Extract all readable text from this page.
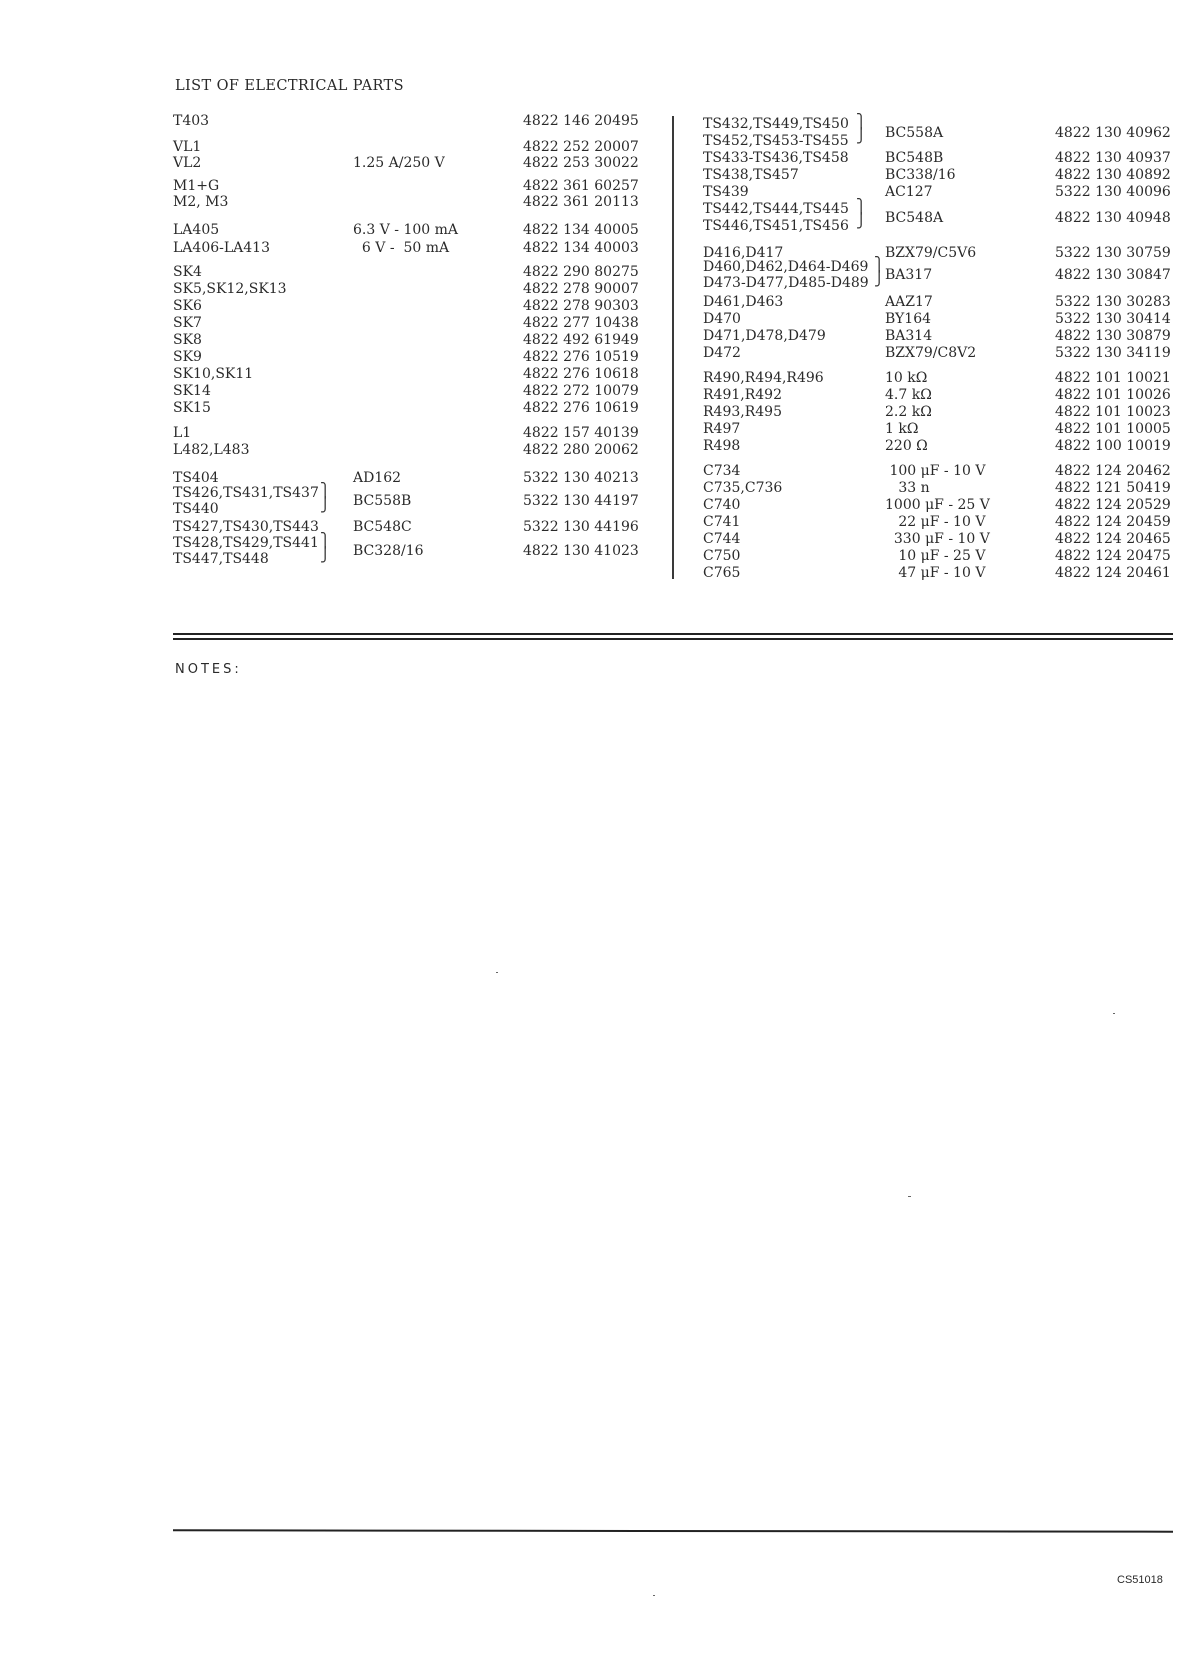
LIST OF ELECTRICAL PARTS
T403	4822 146 20495
VL1	4822 252 20007
VL2	1.25 A/250 V	4822 253 30022
M1+G	4822 361 60257
M2, M3	4822 361 20113
LA405	6.3 V - 100 mA	4822 134 40005
LA406-LA413	6 V -  50 mA	4822 134 40003
SK4	4822 290 80275
SK5,SK12,SK13	4822 278 90007
SK6	4822 278 90303
SK7	4822 277 10438
SK8	4822 492 61949
SK9	4822 276 10519
SK10,SK11	4822 276 10618
SK14	4822 272 10079
SK15	4822 276 10619
L1	4822 157 40139
L482,L483	4822 280 20062
TS404	AD162	5322 130 40213
TS426,TS431,TS437
TS440	BC558B	5322 130 44197
TS427,TS430,TS443 BC548C	5322 130 44196
TS428,TS429,TS441
TS447,TS448	BC328/16	4822 130 41023
TS432,TS449,TS450
TS452,TS453-TS455	BC558A	4822 130 40962
TS433-TS436,TS458	BC548B	4822 130 40937
TS438,TS457	BC338/16	4822 130 40892
TS439	AC127	5322 130 40096
TS442,TS444,TS445
TS446,TS451,TS456	BC548A	4822 130 40948
D416,D417	BZX79/C5V6	5322 130 30759
D460,D462,D464-D469
D473-D477,D485-D489 BA317	4822 130 30847
D461,D463	AAZ17	5322 130 30283
D470	BY164	5322 130 30414
D471,D478,D479	BA314	4822 130 30879
D472	BZX79/C8V2	5322 130 34119
R490,R494,R496	10 kΩ	4822 101 10021
R491,R492	4.7 kΩ	4822 101 10026
R493,R495	2.2 kΩ	4822 101 10023
R497	1 kΩ	4822 101 10005
R498	220 Ω	4822 100 10019
C734	100 μF - 10 V	4822 124 20462
C735,C736	33 n	4822 121 50419
C740	1000 μF - 25 V	4822 124 20529
C741	22 μF - 10 V	4822 124 20459
C744	330 μF - 10 V	4822 124 20465
C750	10 μF - 25 V	4822 124 20475
C765	47 μF - 10 V	4822 124 20461
⎫
⎭
⎫
⎭
⎫
⎭
⎫
⎭
⎫
⎭
NOTES:
CS51018
